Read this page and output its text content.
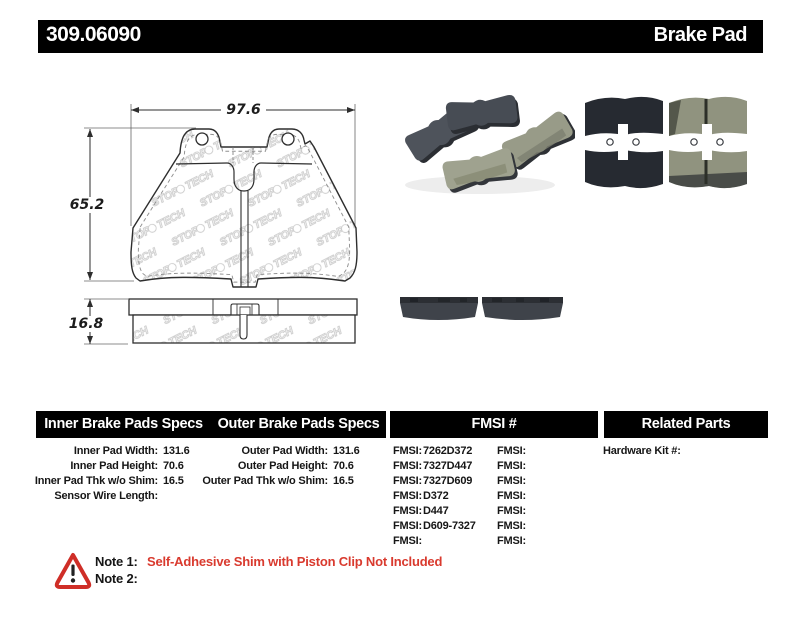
309.06090	Brake Pad
97.6
65.2
16.8
Inner Brake Pads Specs	Outer Brake Pads Specs	FMSI #	Related Parts
Inner Pad Width: 131.6
Inner Pad Height: 70.6
Inner Pad Thk w/o Shim: 16.5
Sensor Wire Length:
Outer Pad Width: 131.6
Outer Pad Height: 70.6
Outer Pad Thk w/o Shim: 16.5
FMSI: 7262D372	FMSI:
FMSI: 7327D447	FMSI:
FMSI: 7327D609	FMSI:
FMSI: D372	FMSI:
FMSI: D447	FMSI:
FMSI: D609-7327	FMSI:
FMSI:	FMSI:
Hardware Kit #:
Note 1: Self-Adhesive Shim with Piston Clip Not Included
Note 2:
